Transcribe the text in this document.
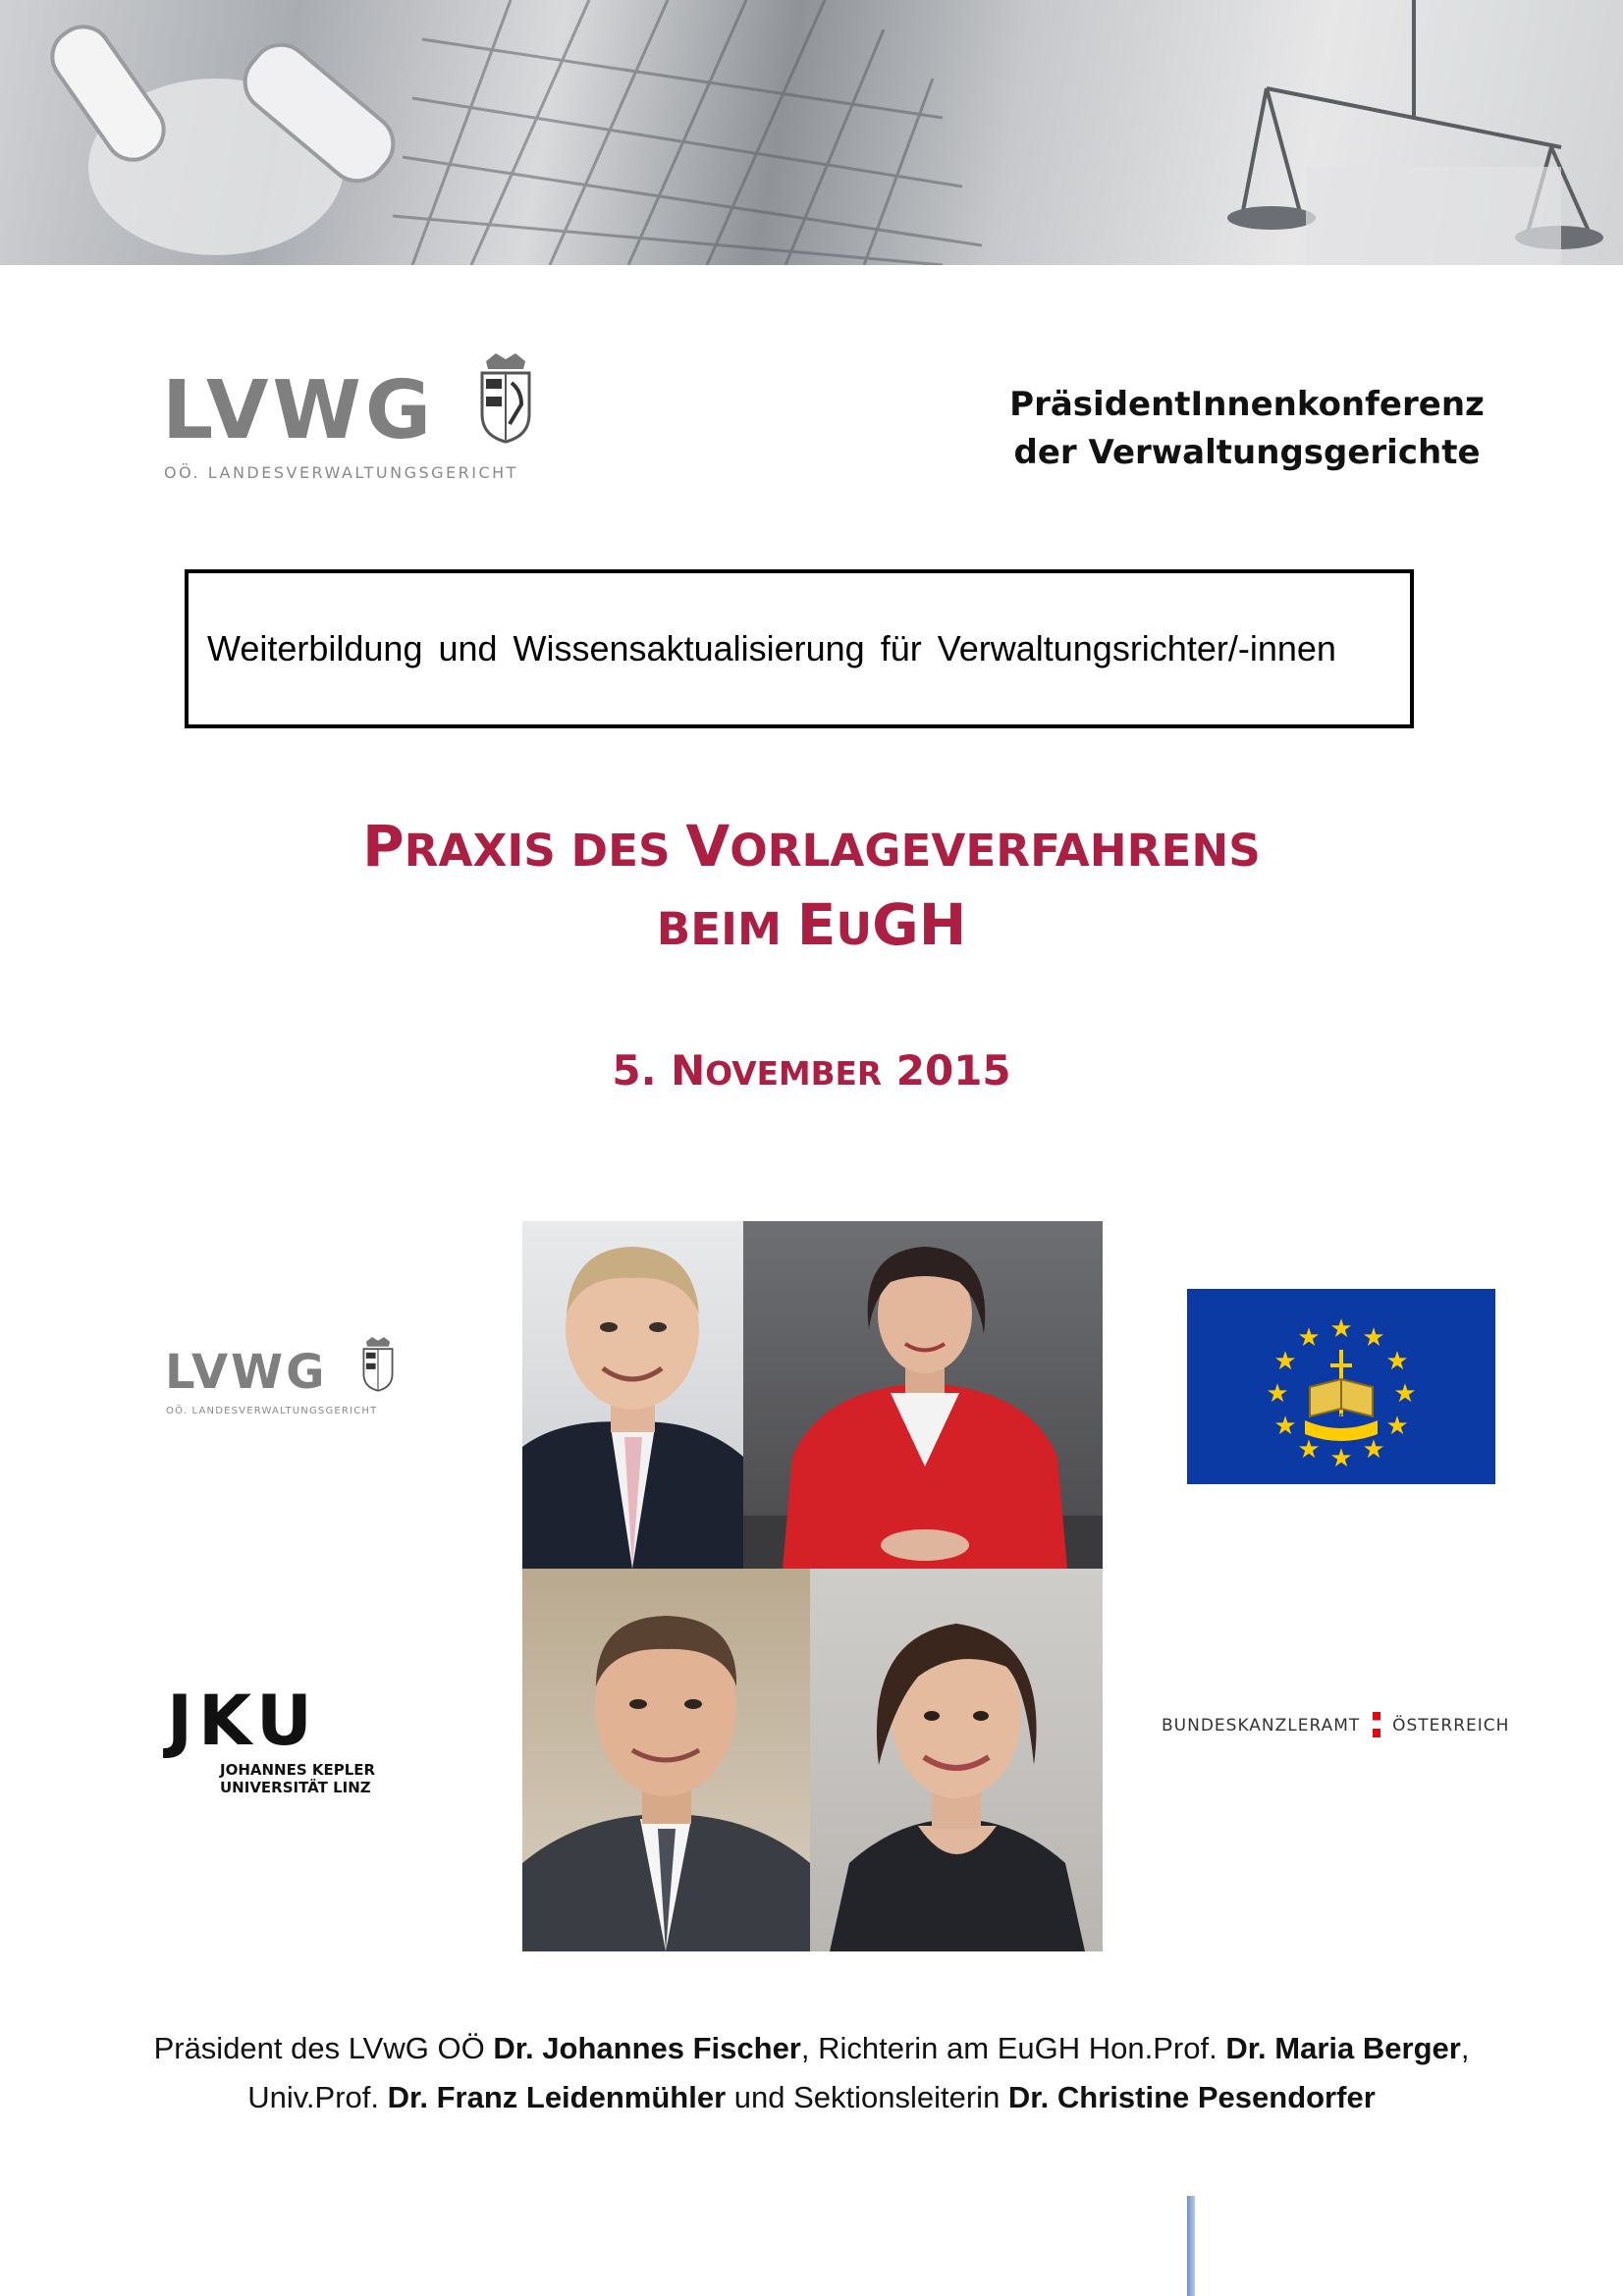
LVWG
OÖ. LANDESVERWALTUNGSGERICHT
PräsidentInnenkonferenz
der Verwaltungsgerichte
Weiterbildung und Wissensaktualisierung für Verwaltungsrichter/-innen
PRAXIS DES VORLAGEVERFAHRENS
BEIM EUGH
5. NOVEMBER 2015
LVWG
OÖ. LANDESVERWALTUNGSGERICHT
★ ★
★
★
★
★
★
★
★
★
★
★
CVRIA
JKU
JOHANNES KEPLER
UNIVERSITÄT LINZ
BUNDESKANZLERAMT ÖSTERREICH
Präsident des LVwG OÖ Dr. Johannes Fischer, Richterin am EuGH Hon.Prof. Dr. Maria Berger,
Univ.Prof. Dr. Franz Leidenmühler und Sektionsleiterin Dr. Christine Pesendorfer
